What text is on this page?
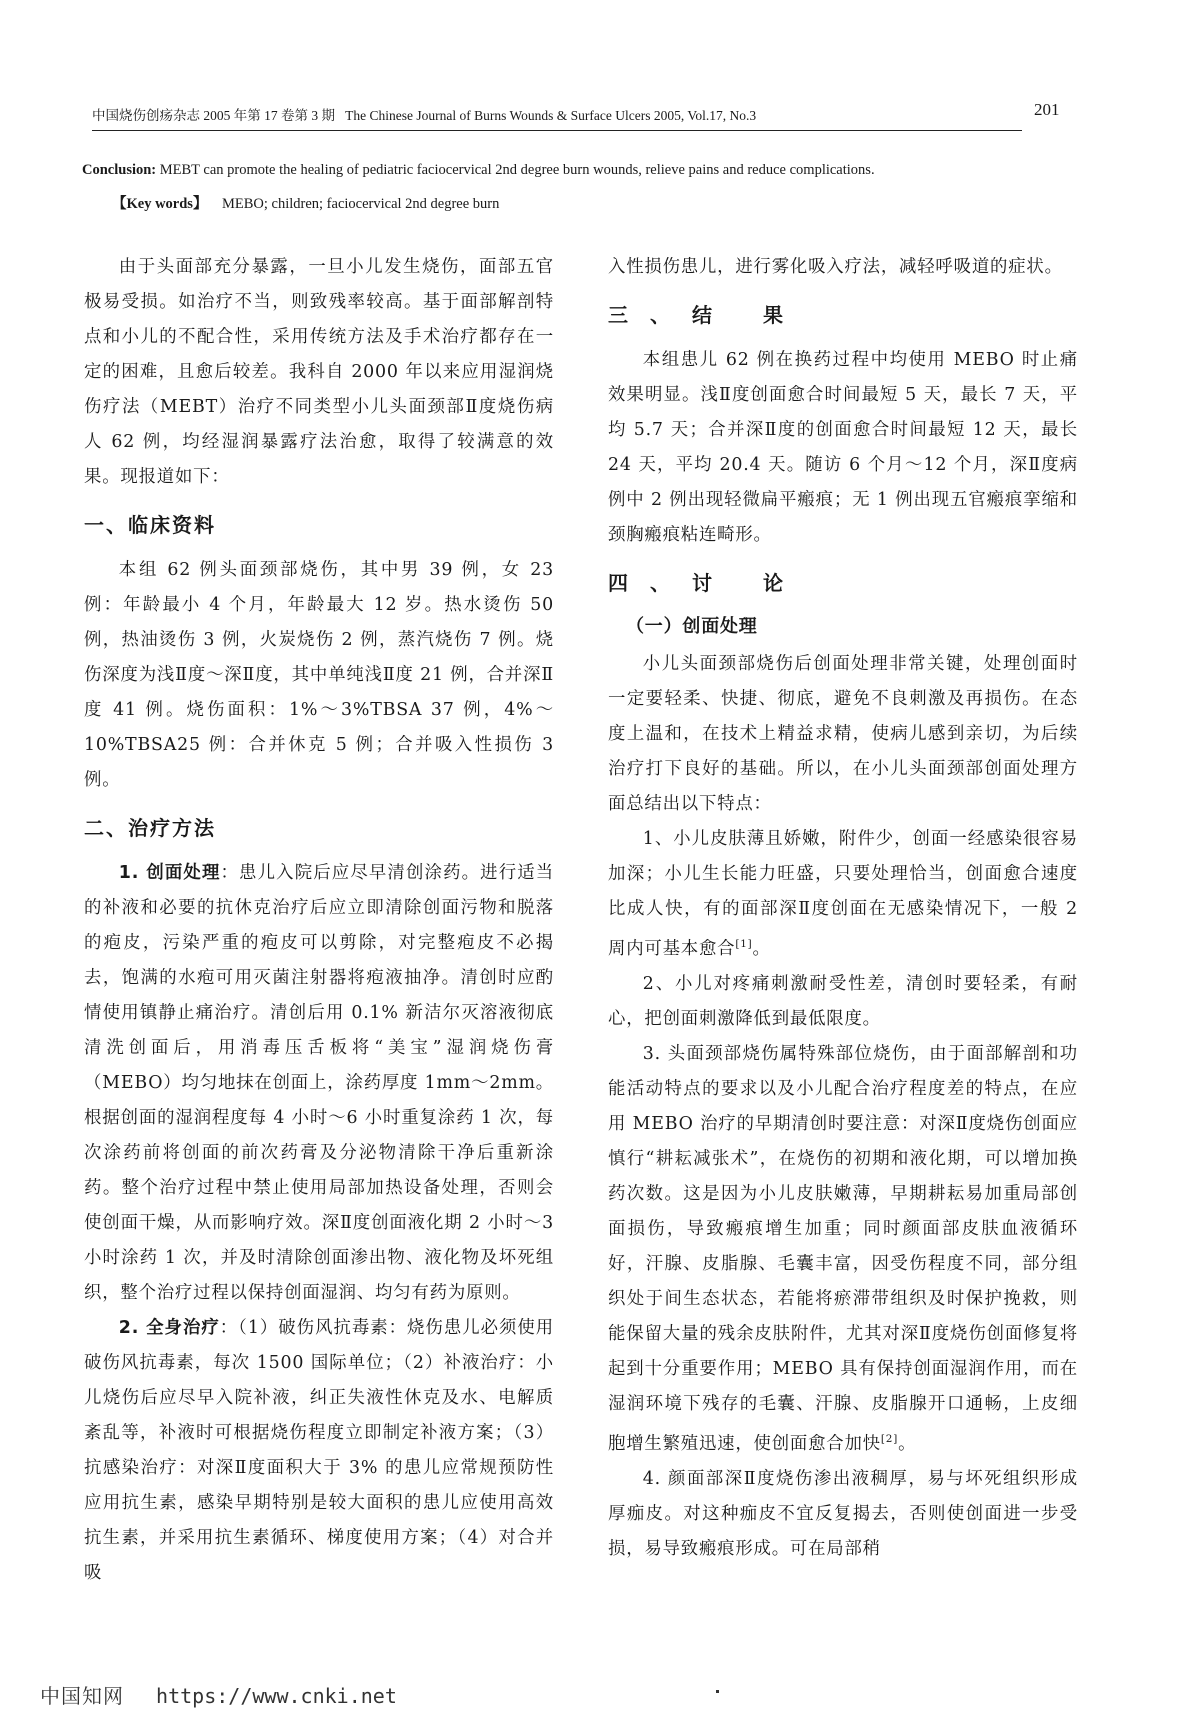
中国烧伤创疡杂志 2005 年第 17 卷第 3 期 The Chinese Journal of Burns Wounds & Surface Ulcers 2005, Vol.17, No.3	201
Conclusion: MEBT can promote the healing of pediatric faciocervical 2nd degree burn wounds, relieve pains and reduce complications.
【Key words】 MEBO; children; faciocervical 2nd degree burn

由于头面部充分暴露，一旦小儿发生烧伤，面部五官极易受损。如治疗不当，则致残率较高。基于面部解剖特点和小儿的不配合性，采用传统方法及手术治疗都存在一定的困难，且愈后较差。我科自 2000 年以来应用湿润烧伤疗法（MEBT）治疗不同类型小儿头面颈部Ⅱ度烧伤病人 62 例，均经湿润暴露疗法治愈，取得了较满意的效果。现报道如下：

一、临床资料

本组 62 例头面颈部烧伤，其中男 39 例，女 23 例：年龄最小 4 个月，年龄最大 12 岁。热水烫伤 50 例，热油烫伤 3 例，火炭烧伤 2 例，蒸汽烧伤 7 例。烧伤深度为浅Ⅱ度～深Ⅱ度，其中单纯浅Ⅱ度 21 例，合并深Ⅱ度 41 例。烧伤面积：1%～3%TBSA 37 例，4%～10%TBSA25 例：合并休克 5 例；合并吸入性损伤 3 例。

二、治疗方法

1. 创面处理：患儿入院后应尽早清创涂药。进行适当的补液和必要的抗休克治疗后应立即清除创面污物和脱落的疱皮，污染严重的疱皮可以剪除，对完整疱皮不必揭去，饱满的水疱可用灭菌注射器将疱液抽净。清创时应酌情使用镇静止痛治疗。清创后用 0.1% 新洁尔灭溶液彻底清洗创面后，用消毒压舌板将“美宝”湿润烧伤膏（MEBO）均匀地抹在创面上，涂药厚度 1mm～2mm。根据创面的湿润程度每 4 小时～6 小时重复涂药 1 次，每次涂药前将创面的前次药膏及分泌物清除干净后重新涂药。整个治疗过程中禁止使用局部加热设备处理，否则会使创面干燥，从而影响疗效。深Ⅱ度创面液化期 2 小时～3 小时涂药 1 次，并及时清除创面渗出物、液化物及坏死组织，整个治疗过程以保持创面湿润、均匀有药为原则。

2. 全身治疗：（1）破伤风抗毒素：烧伤患儿必须使用破伤风抗毒素，每次 1500 国际单位；（2）补液治疗：小儿烧伤后应尽早入院补液，纠正失液性休克及水、电解质紊乱等，补液时可根据烧伤程度立即制定补液方案；（3）抗感染治疗：对深Ⅱ度面积大于 3% 的患儿应常规预防性应用抗生素，感染早期特别是较大面积的患儿应使用高效抗生素，并采用抗生素循环、梯度使用方案；（4）对合并吸

入性损伤患儿，进行雾化吸入疗法，减轻呼吸道的症状。

三、结 果

本组患儿 62 例在换药过程中均使用 MEBO 时止痛效果明显。浅Ⅱ度创面愈合时间最短 5 天，最长 7 天，平均 5.7 天；合并深Ⅱ度的创面愈合时间最短 12 天，最长 24 天，平均 20.4 天。随访 6 个月～12 个月，深Ⅱ度病例中 2 例出现轻微扁平瘢痕；无 1 例出现五官瘢痕挛缩和颈胸瘢痕粘连畸形。

四、讨 论
（一）创面处理

小儿头面颈部烧伤后创面处理非常关键，处理创面时一定要轻柔、快捷、彻底，避免不良刺激及再损伤。在态度上温和，在技术上精益求精，使病儿感到亲切，为后续治疗打下良好的基础。所以，在小儿头面颈部创面处理方面总结出以下特点：

1、小儿皮肤薄且娇嫩，附件少，创面一经感染很容易加深；小儿生长能力旺盛，只要处理恰当，创面愈合速度比成人快，有的面部深Ⅱ度创面在无感染情况下，一般 2 周内可基本愈合[1]。

2、小儿对疼痛刺激耐受性差，清创时要轻柔，有耐心，把创面刺激降低到最低限度。

3. 头面颈部烧伤属特殊部位烧伤，由于面部解剖和功能活动特点的要求以及小儿配合治疗程度差的特点，在应用 MEBO 治疗的早期清创时要注意：对深Ⅱ度烧伤创面应慎行“耕耘减张术”，在烧伤的初期和液化期，可以增加换药次数。这是因为小儿皮肤嫩薄，早期耕耘易加重局部创面损伤，导致瘢痕增生加重；同时颜面部皮肤血液循环好，汗腺、皮脂腺、毛囊丰富，因受伤程度不同，部分组织处于间生态状态，若能将瘀滞带组织及时保护挽救，则能保留大量的残余皮肤附件，尤其对深Ⅱ度烧伤创面修复将起到十分重要作用；MEBO 具有保持创面湿润作用，而在湿润环境下残存的毛囊、汗腺、皮脂腺开口通畅，上皮细胞增生繁殖迅速，使创面愈合加快[2]。

4. 颜面部深Ⅱ度烧伤渗出液稠厚，易与坏死组织形成厚痂皮。对这种痂皮不宜反复揭去，否则使创面进一步受损，易导致瘢痕形成。可在局部稍

中国知网 https://www.cnki.net
